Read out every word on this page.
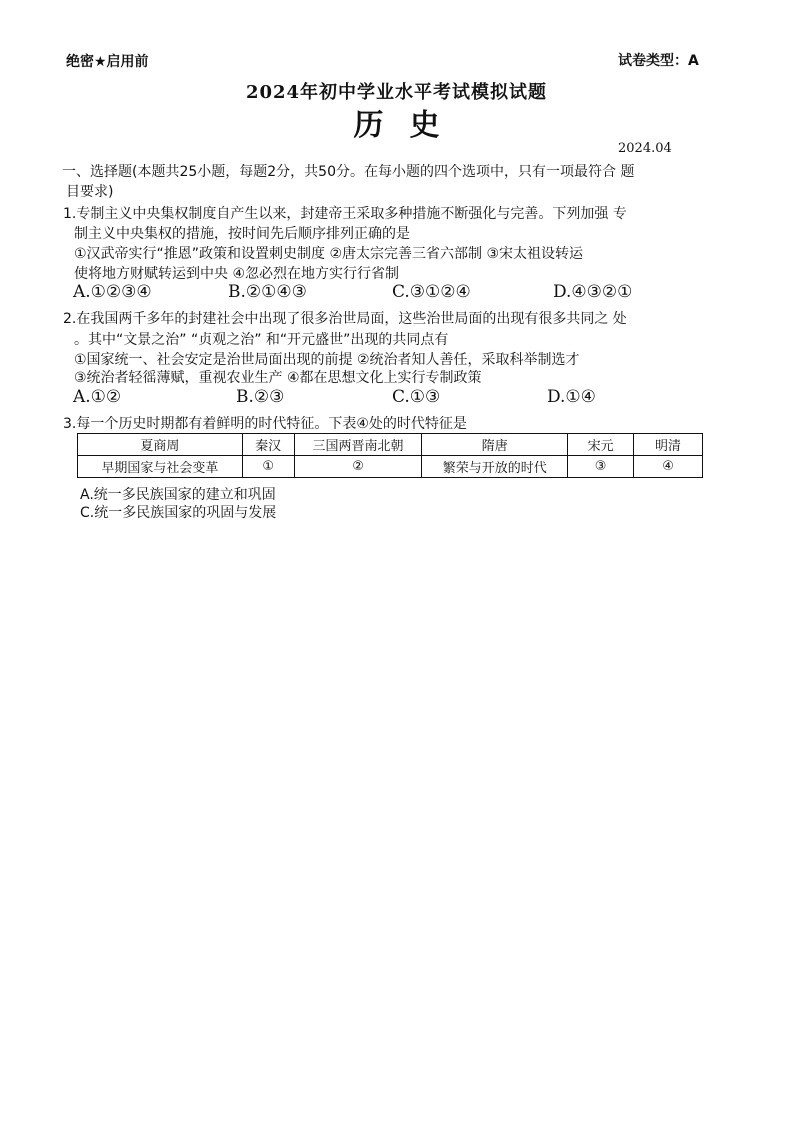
绝密★启用前	试卷类型：A
2024年初中学业水平考试模拟试题
历史
2024.04
一、选择题(本题共25小题，每题2分，共50分。在每小题的四个选项中，只有一项最符合 题
目要求)
1.专制主义中央集权制度自产生以来，封建帝王采取多种措施不断强化与完善。下列加强 专
制主义中央集权的措施，按时间先后顺序排列正确的是
①汉武帝实行“推恩”政策和设置刺史制度 ②唐太宗完善三省六部制 ③宋太祖设转运
使将地方财赋转运到中央 ④忽必烈在地方实行行省制
A.①②③④	B.②①④③	C.③①②④	D.④③②①
2.在我国两千多年的封建社会中出现了很多治世局面，这些治世局面的出现有很多共同之 处
。其中“文景之治” “贞观之治” 和“开元盛世”出现的共同点有
①国家统一、社会安定是治世局面出现的前提 ②统治者知人善任，采取科举制选才
③统治者轻徭薄赋，重视农业生产 ④都在思想文化上实行专制政策
A.①②	B.②③	C.①③	D.①④
3.每一个历史时期都有着鲜明的时代特征。下表④处的时代特征是
夏商周	秦汉	三国两晋南北朝	隋唐	宋元	明清
早期国家与社会变革	①	②	繁荣与开放的时代	③	④
A.统一多民族国家的建立和巩固
C.统一多民族国家的巩固与发展
